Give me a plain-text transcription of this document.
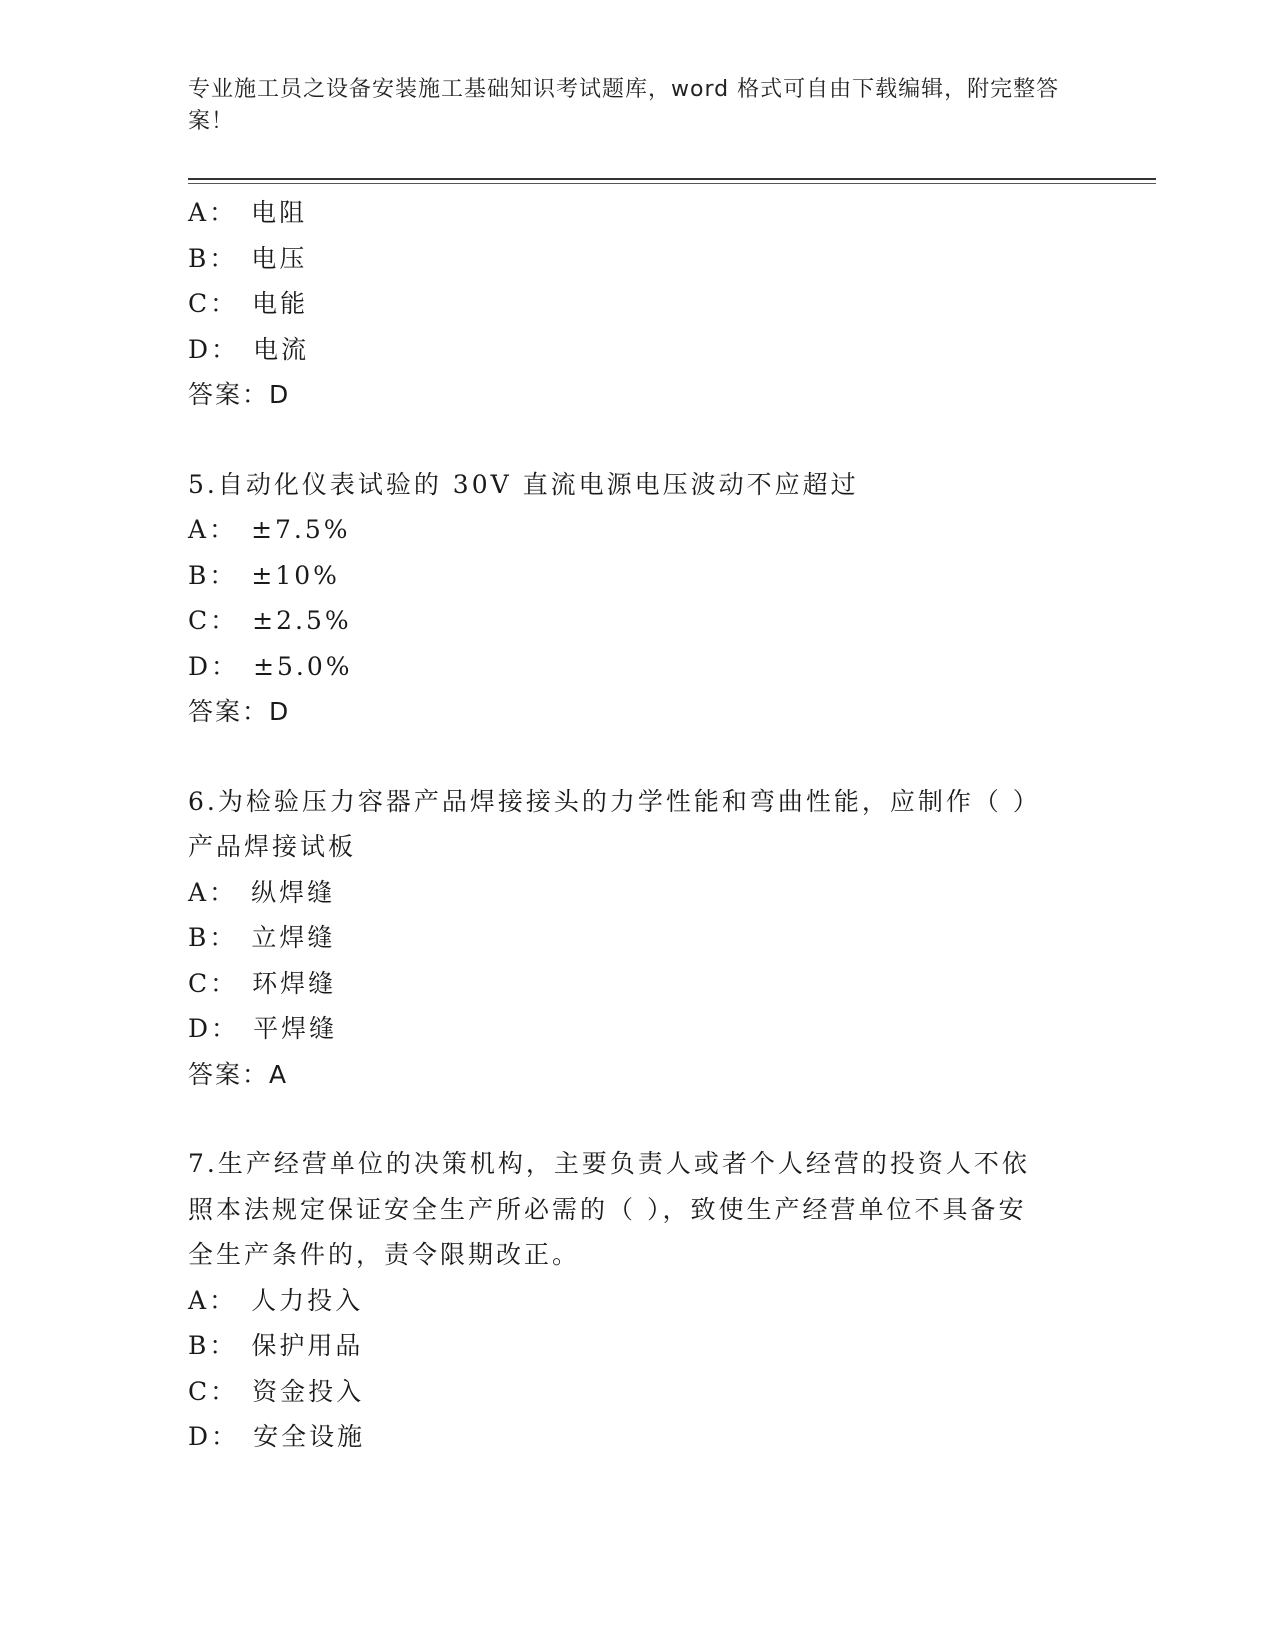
专业施工员之设备安装施工基础知识考试题库，word 格式可自由下载编辑，附完整答案！
A： 电阻
B： 电压
C： 电能
D： 电流
答案：D
5.自动化仪表试验的 30V 直流电源电压波动不应超过
A： ±7.5%
B： ±10%
C： ±2.5%
D： ±5.0%
答案：D
6.为检验压力容器产品焊接接头的力学性能和弯曲性能，应制作（ ）
产品焊接试板
A： 纵焊缝
B： 立焊缝
C： 环焊缝
D： 平焊缝
答案：A
7.生产经营单位的决策机构，主要负责人或者个人经营的投资人不依
照本法规定保证安全生产所必需的（ ），致使生产经营单位不具备安
全生产条件的，责令限期改正。
A： 人力投入
B： 保护用品
C： 资金投入
D： 安全设施
